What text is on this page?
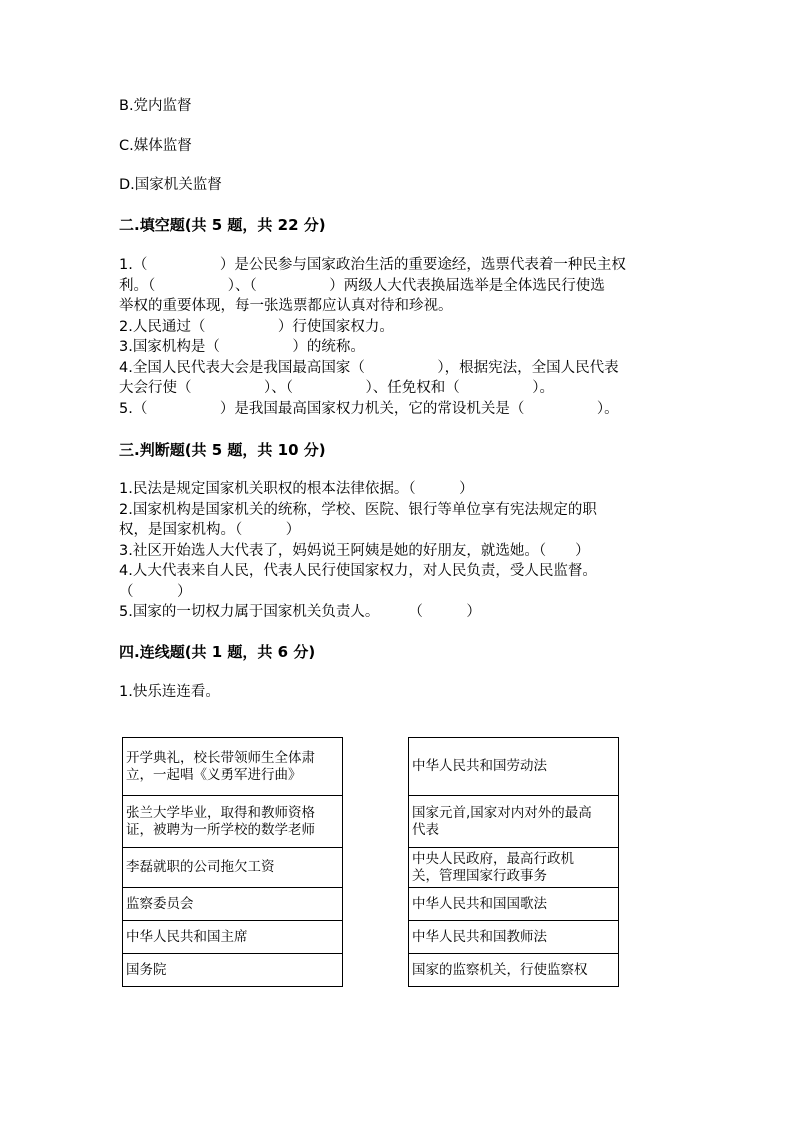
B.党内监督
C.媒体监督
D.国家机关监督
二.填空题(共 5 题，共 22 分)
1.（　　　　　）是公民参与国家政治生活的重要途经，选票代表着一种民主权
利。（　　　　　）、（　　　　　）两级人大代表换届选举是全体选民行使选
举权的重要体现，每一张选票都应认真对待和珍视。
2.人民通过（　　　　　）行使国家权力。
3.国家机构是（　　　　　）的统称。
4.全国人民代表大会是我国最高国家（　　　　　），根据宪法，全国人民代表
大会行使（　　　　　）、（　　　　　）、任免权和（　　　　　）。
5.（　　　　　）是我国最高国家权力机关，它的常设机关是（　　　　　）。
三.判断题(共 5 题，共 10 分)
1.民法是规定国家机关职权的根本法律依据。（　　　）
2.国家机构是国家机关的统称，学校、医院、银行等单位享有宪法规定的职
权，是国家机构。（　　　）
3.社区开始选人大代表了，妈妈说王阿姨是她的好朋友，就选她。（　　）
4.人大代表来自人民，代表人民行使国家权力，对人民负责，受人民监督。
（　　　）
5.国家的一切权力属于国家机关负责人。　　　（　　　）
四.连线题(共 1 题，共 6 分)
1.快乐连连看。
开学典礼，校长带领师生全体肃
立，一起唱《义勇军进行曲》
张兰大学毕业，取得和教师资格
证，被聘为一所学校的数学老师
李磊就职的公司拖欠工资
监察委员会
中华人民共和国主席
国务院
中华人民共和国劳动法
国家元首,国家对内对外的最高
代表
中央人民政府，最高行政机
关，管理国家行政事务
中华人民共和国国歌法
中华人民共和国教师法
国家的监察机关，行使监察权
